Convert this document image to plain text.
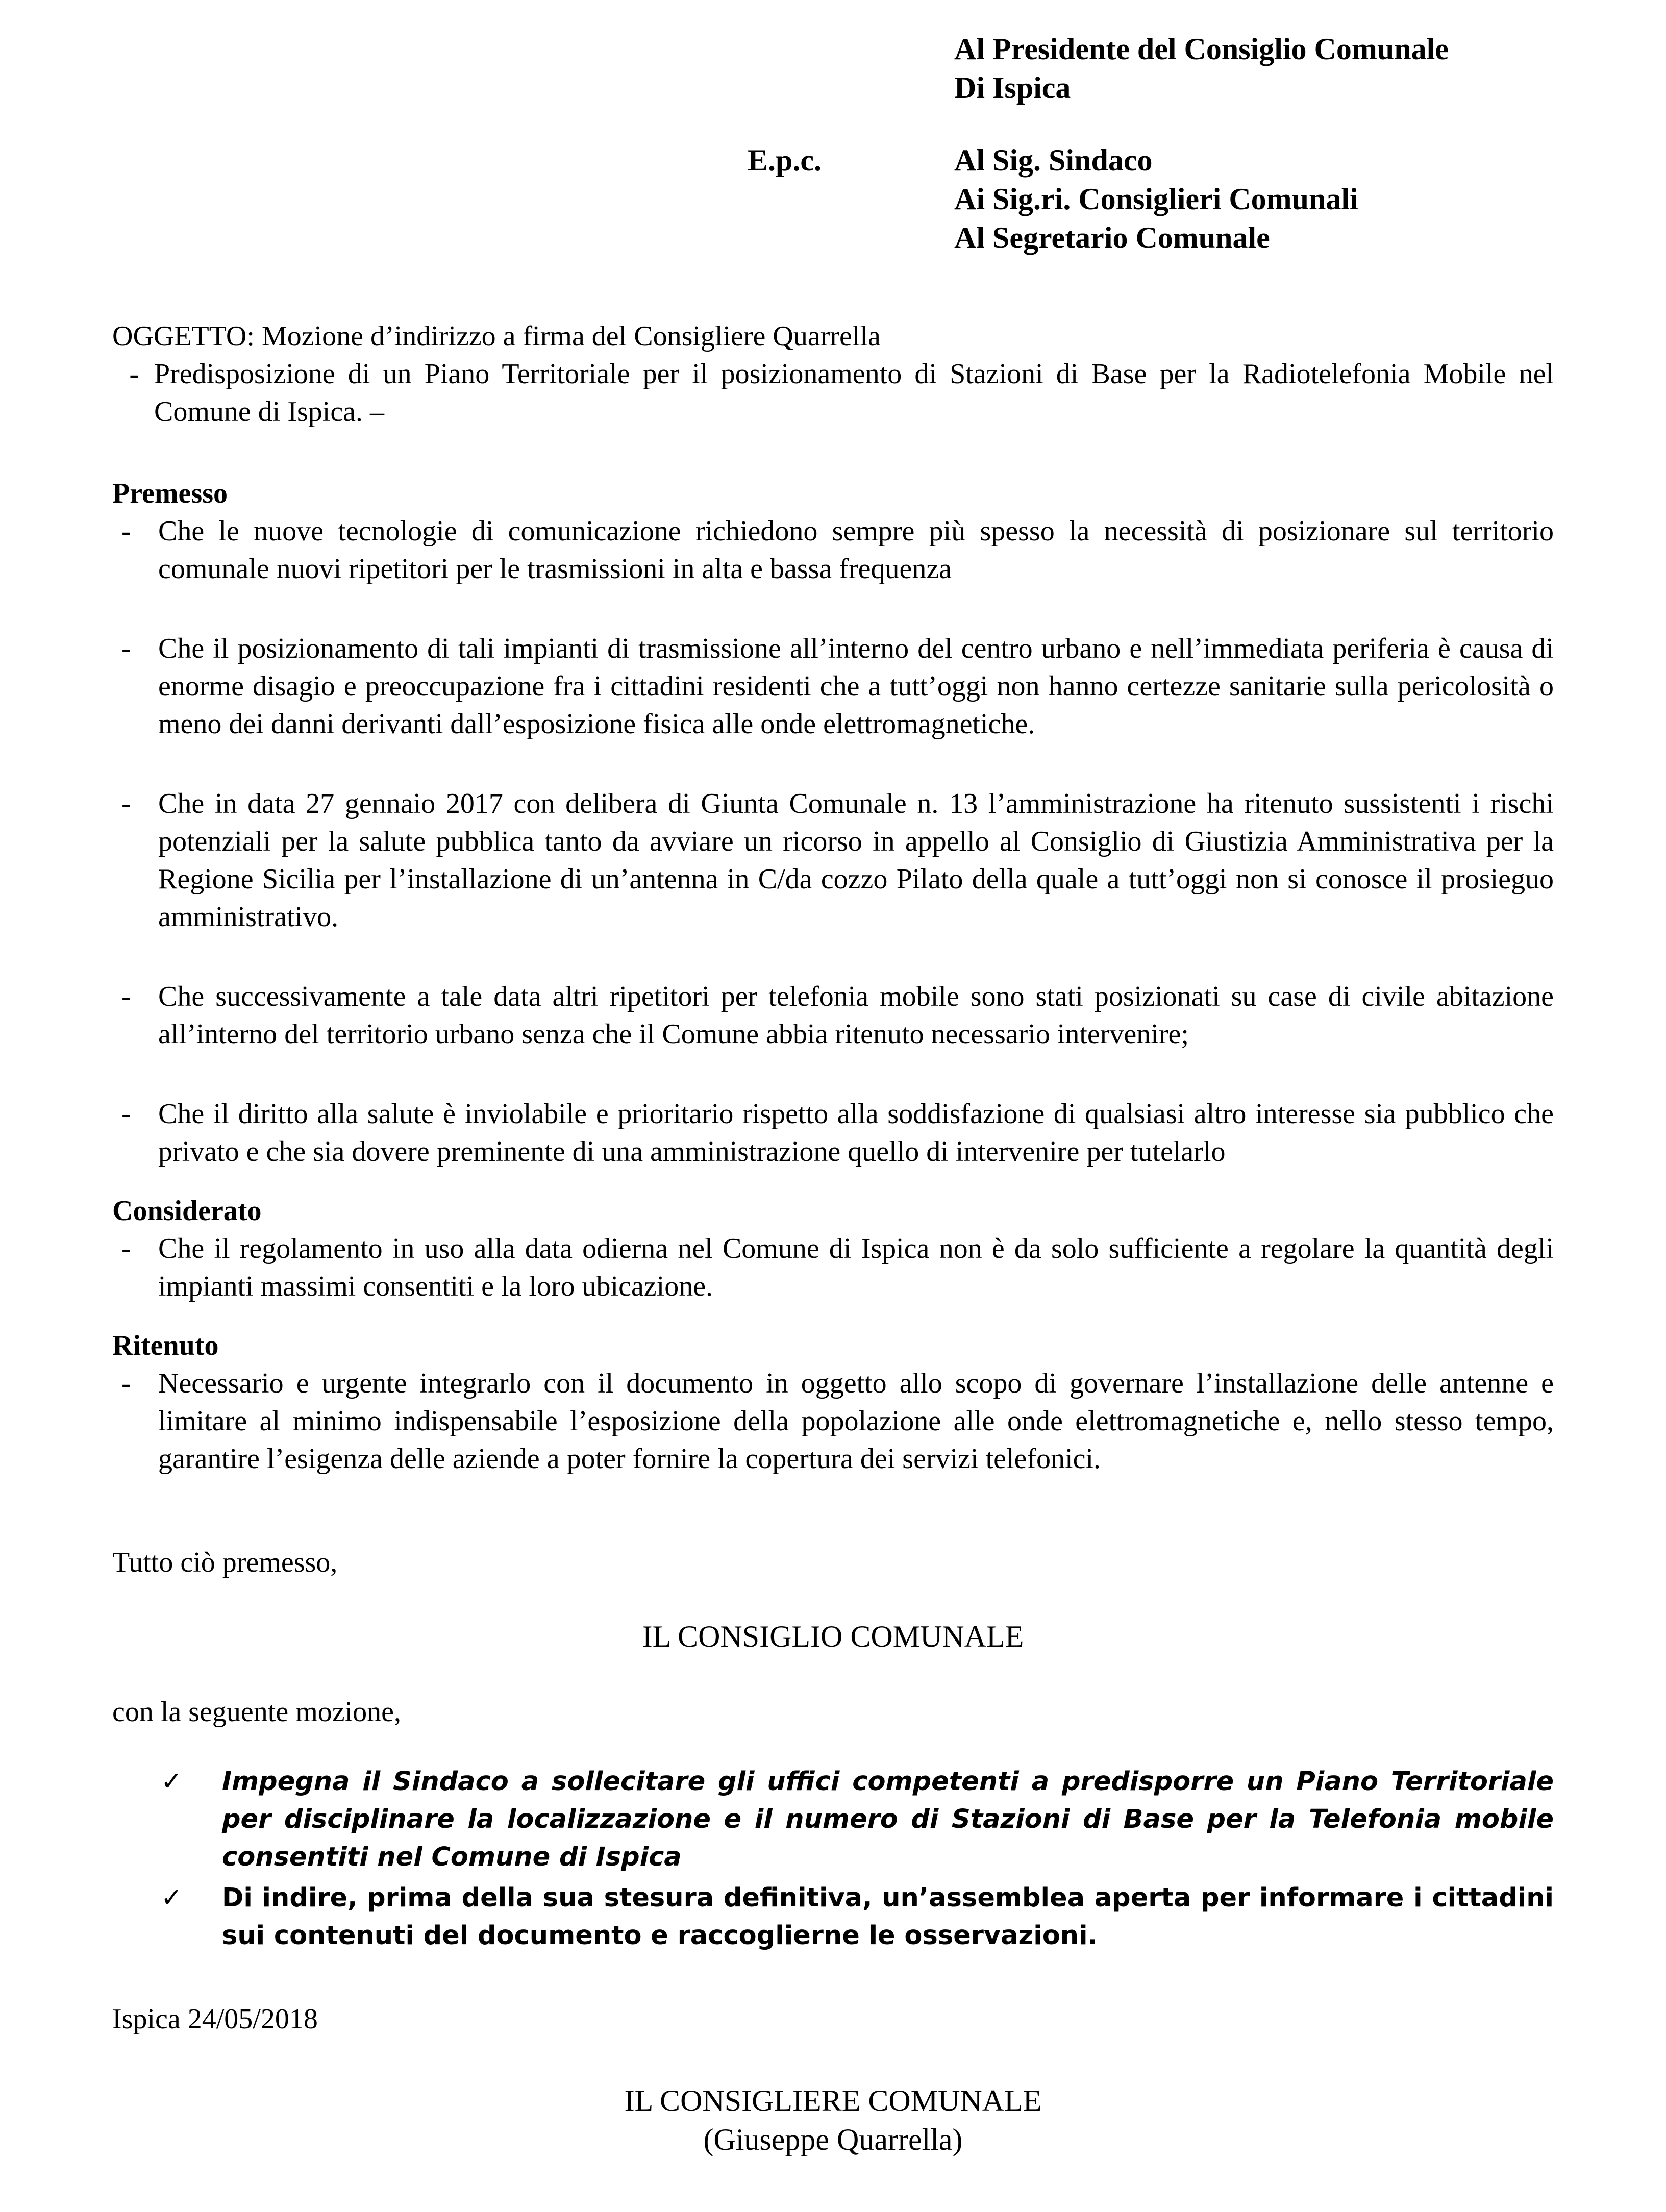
Al Presidente del Consiglio Comunale
Di Ispica
Al Sig. Sindaco
Ai Sig.ri. Consiglieri Comunali
Al Segretario Comunale
E.p.c.
OGGETTO: Mozione d’indirizzo a firma del Consigliere Quarrella
- Predisposizione di un Piano Territoriale per il posizionamento di Stazioni di Base per la Radiotelefonia Mobile nel Comune di Ispica. –

Premesso

- Che le nuove tecnologie di comunicazione richiedono sempre più spesso la necessità di posizionare sul territorio comunale nuovi ripetitori per le trasmissioni in alta e bassa frequenza
- Che il posizionamento di tali impianti di trasmissione all’interno del centro urbano e nell’immediata periferia è causa di enorme disagio e preoccupazione fra i cittadini residenti che a tutt’oggi non hanno certezze sanitarie sulla pericolosità o meno dei danni derivanti dall’esposizione fisica alle onde elettromagnetiche.
- Che in data 27 gennaio 2017 con delibera di Giunta Comunale n. 13 l’amministrazione ha ritenuto sussistenti i rischi potenziali per la salute pubblica tanto da avviare un ricorso in appello al Consiglio di Giustizia Amministrativa per la Regione Sicilia per l’installazione di un’antenna in C/da cozzo Pilato della quale a tutt’oggi non si conosce il prosieguo amministrativo.
- Che successivamente a tale data altri ripetitori per telefonia mobile sono stati posizionati su case di civile abitazione all’interno del territorio urbano senza che il Comune abbia ritenuto necessario intervenire;
- Che il diritto alla salute è inviolabile e prioritario rispetto alla soddisfazione di qualsiasi altro interesse sia pubblico che privato e che sia dovere preminente di una amministrazione quello di intervenire per tutelarlo

Considerato

- Che il regolamento in uso alla data odierna nel Comune di Ispica non è da solo sufficiente a regolare la quantità degli impianti massimi consentiti e la loro ubicazione.

Ritenuto

- Necessario e urgente integrarlo con il documento in oggetto allo scopo di governare l’installazione delle antenne e limitare al minimo indispensabile l’esposizione della popolazione alle onde elettromagnetiche e, nello stesso tempo, garantire l’esigenza delle aziende a poter fornire la copertura dei servizi telefonici.
Tutto ciò premesso,
IL CONSIGLIO COMUNALE
con la seguente mozione,
✓	Impegna il Sindaco a sollecitare gli uffici competenti a predisporre un Piano Territoriale per disciplinare la localizzazione e il numero di Stazioni di Base per la Telefonia mobile consentiti nel Comune di Ispica
✓	Di indire, prima della sua stesura definitiva, un’assemblea aperta per informare i cittadini sui contenuti del documento e raccoglierne le osservazioni.
Ispica 24/05/2018
IL CONSIGLIERE COMUNALE
(Giuseppe Quarrella)
